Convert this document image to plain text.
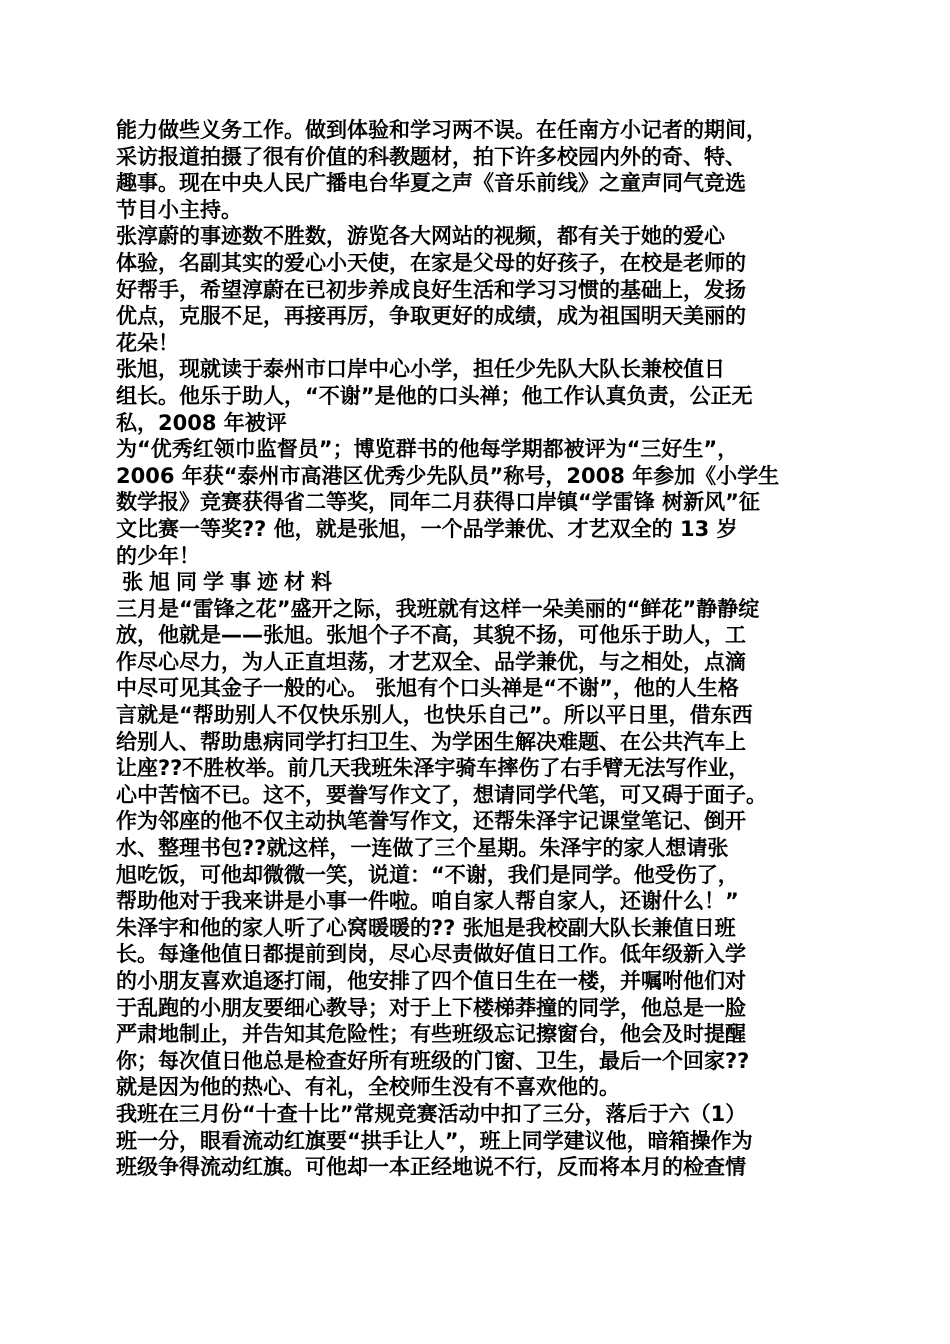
能力做些义务工作。做到体验和学习两不误。在任南方小记者的期间，
采访报道拍摄了很有价值的科教题材，拍下许多校园内外的奇、特、
趣事。现在中央人民广播电台华夏之声《音乐前线》之童声同气竞选
节目小主持。
张淳蔚的事迹数不胜数，游览各大网站的视频，都有关于她的爱心
体验，名副其实的爱心小天使，在家是父母的好孩子，在校是老师的
好帮手，希望淳蔚在已初步养成良好生活和学习习惯的基础上，发扬
优点，克服不足，再接再厉，争取更好的成绩，成为祖国明天美丽的
花朵！
张旭，现就读于泰州市口岸中心小学，担任少先队大队长兼校值日
组长。他乐于助人，“不谢”是他的口头禅；他工作认真负责，公正无
私，2008 年被评
为“优秀红领巾监督员”；博览群书的他每学期都被评为“三好生”，
2006 年获“泰州市高港区优秀少先队员”称号，2008 年参加《小学生
数学报》竞赛获得省二等奖，同年二月获得口岸镇“学雷锋 树新风”征
文比赛一等奖?? 他，就是张旭，一个品学兼优、才艺双全的 13 岁
的少年！
张旭同学事迹材料
三月是“雷锋之花”盛开之际，我班就有这样一朵美丽的“鲜花”静静绽
放，他就是——张旭。张旭个子不高，其貌不扬，可他乐于助人，工
作尽心尽力，为人正直坦荡，才艺双全、品学兼优，与之相处，点滴
中尽可见其金子一般的心。 张旭有个口头禅是“不谢”，他的人生格
言就是“帮助别人不仅快乐别人，也快乐自己”。所以平日里，借东西
给别人、帮助患病同学打扫卫生、为学困生解决难题、在公共汽车上
让座??不胜枚举。前几天我班朱泽宇骑车摔伤了右手臂无法写作业，
心中苦恼不已。这不，要誊写作文了，想请同学代笔，可又碍于面子。
作为邻座的他不仅主动执笔誊写作文，还帮朱泽宇记课堂笔记、倒开
水、整理书包??就这样，一连做了三个星期。朱泽宇的家人想请张
旭吃饭，可他却微微一笑，说道：“不谢，我们是同学。他受伤了，
帮助他对于我来讲是小事一件啦。咱自家人帮自家人，还谢什么！”
朱泽宇和他的家人听了心窝暖暖的?? 张旭是我校副大队长兼值日班
长。每逢他值日都提前到岗，尽心尽责做好值日工作。低年级新入学
的小朋友喜欢追逐打闹，他安排了四个值日生在一楼，并嘱咐他们对
于乱跑的小朋友要细心教导；对于上下楼梯莽撞的同学，他总是一脸
严肃地制止，并告知其危险性；有些班级忘记擦窗台，他会及时提醒
你；每次值日他总是检查好所有班级的门窗、卫生，最后一个回家??
就是因为他的热心、有礼，全校师生没有不喜欢他的。
我班在三月份“十查十比”常规竞赛活动中扣了三分，落后于六（1）
班一分，眼看流动红旗要“拱手让人”，班上同学建议他，暗箱操作为
班级争得流动红旗。可他却一本正经地说不行，反而将本月的检查情
